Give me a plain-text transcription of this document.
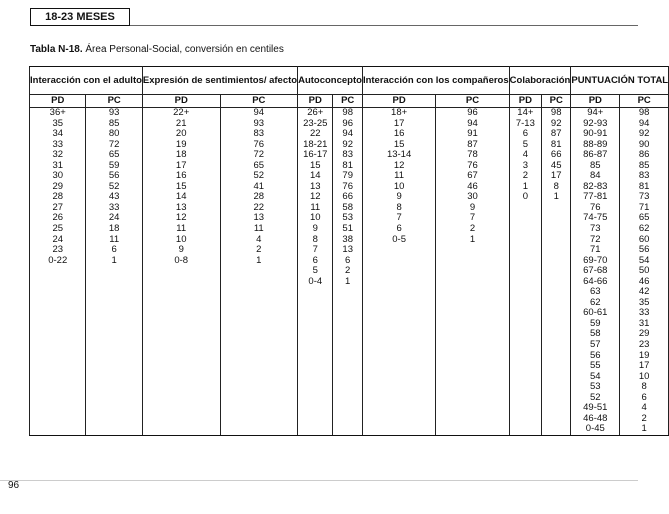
18-23 MESES
Tabla N-18. Área Personal-Social, conversión en centiles
Interacción con el adulto		Expresión de sentimientos/ afecto		Autoconcepto		Interacción con los compañeros		Colaboración		PUNTUACIÓN TOTAL	
PD	PC	PD	PC	PD	PC	PD	PC	PD	PC	PD	PC
36+	93	22+	94	26+	98	18+	96	14+	98	94+	98
35	85	21	93	23-25	96	17	94	7-13	92	92-93	94
34	80	20	83	22	94	16	91	6	87	90-91	92
33	72	19	76	18-21	92	15	87	5	81	88-89	90
32	65	18	72	16-17	83	13-14	78	4	66	86-87	86
31	59	17	65	15	81	12	76	3	45	85	85
30	56	16	52	14	79	11	67	2	17	84	83
29	52	15	41	13	76	10	46	1	8	82-83	81
28	43	14	28	12	66	9	30	0	1	77-81	73
27	33	13	22	11	58	8	9			76	71
26	24	12	13	10	53	7	7			74-75	65
25	18	11	11	9	51	6	2			73	62
24	11	10	4	8	38	0-5	1			72	60
23	6	9	2	7	13					71	56
0-22	1	0-8	1	6	6					69-70	54
				5	2					67-68	50
				0-4	1					64-66	46
										63	42
										62	35
										60-61	33
										59	31
										58	29
										57	23
										56	19
										55	17
										54	10
										53	8
										52	6
										49-51	4
										46-48	2
										0-45	1
96
